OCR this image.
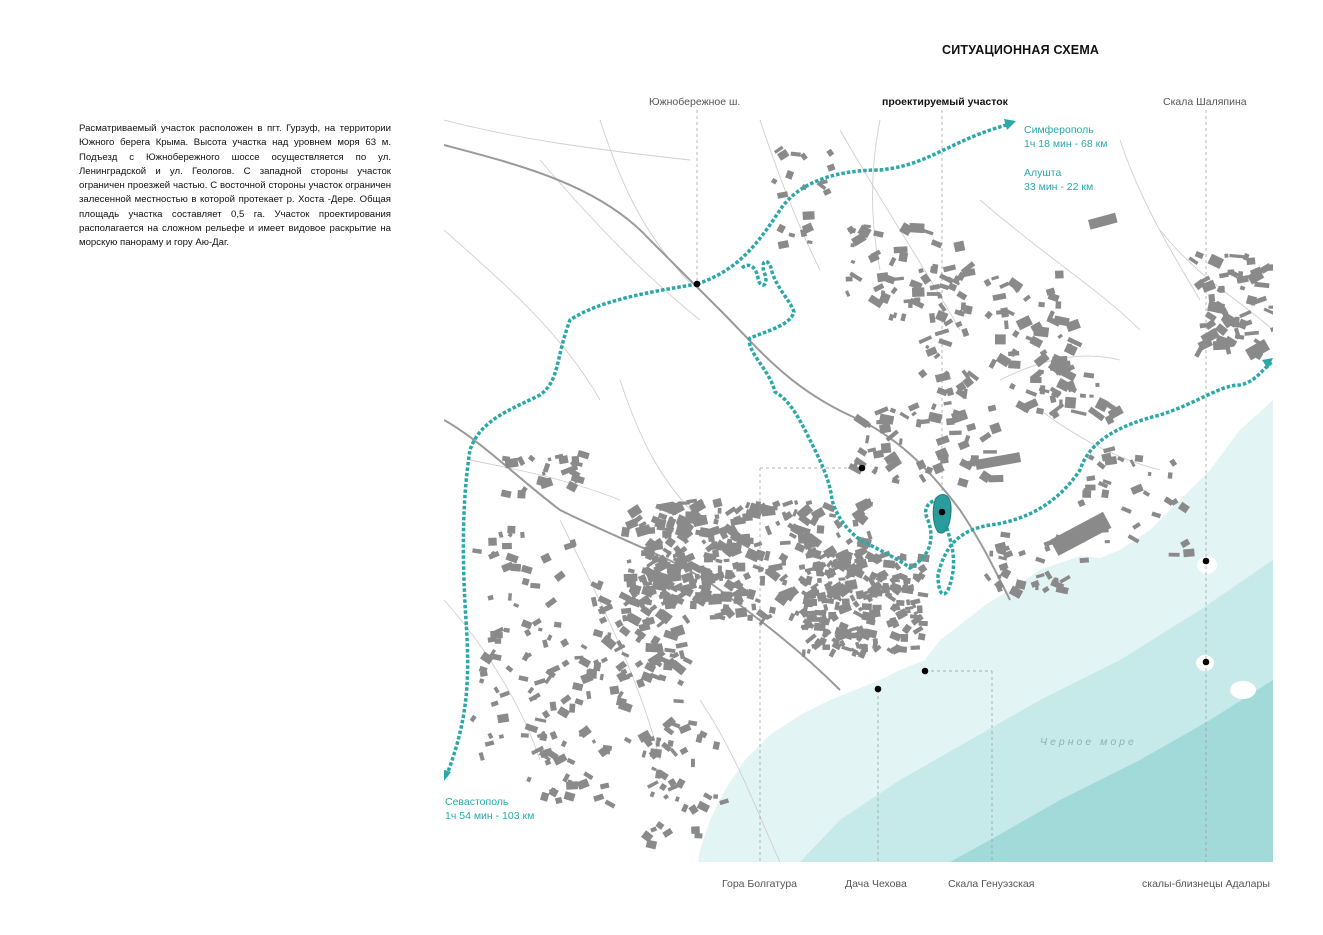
СИТУАЦИОННАЯ СХЕМА
Расматриваемый участок расположен в пгт. Гурзуф, на территории Южного берега Крыма. Высота участка над уровнем моря 63 м. Подъезд с Южнобережного шоссе осуществляется по ул. Ленинградской и ул. Геологов. С западной стороны участок ограничен проезжей частью. С восточной стороны участок ограничен залесенной местностью в которой протекает р. Хоста -Дере. Общая площадь участка составляет 0,5 га. Участок проектирования располагается на сложном рельефе и имеет видовое раскрытие на морскую панораму и гору Аю-Даг.
Южнобережное ш.	проектируемый участок	Скала Шаляпина
Гора Болгатура	Дача Чехова	Скала Генуэзская	скалы-близнецы Адалары
Симферополь
1ч 18 мин - 68 км
Алушта
33 мин - 22 км
Севастополь
1ч 54 мин - 103 км
Черное море
